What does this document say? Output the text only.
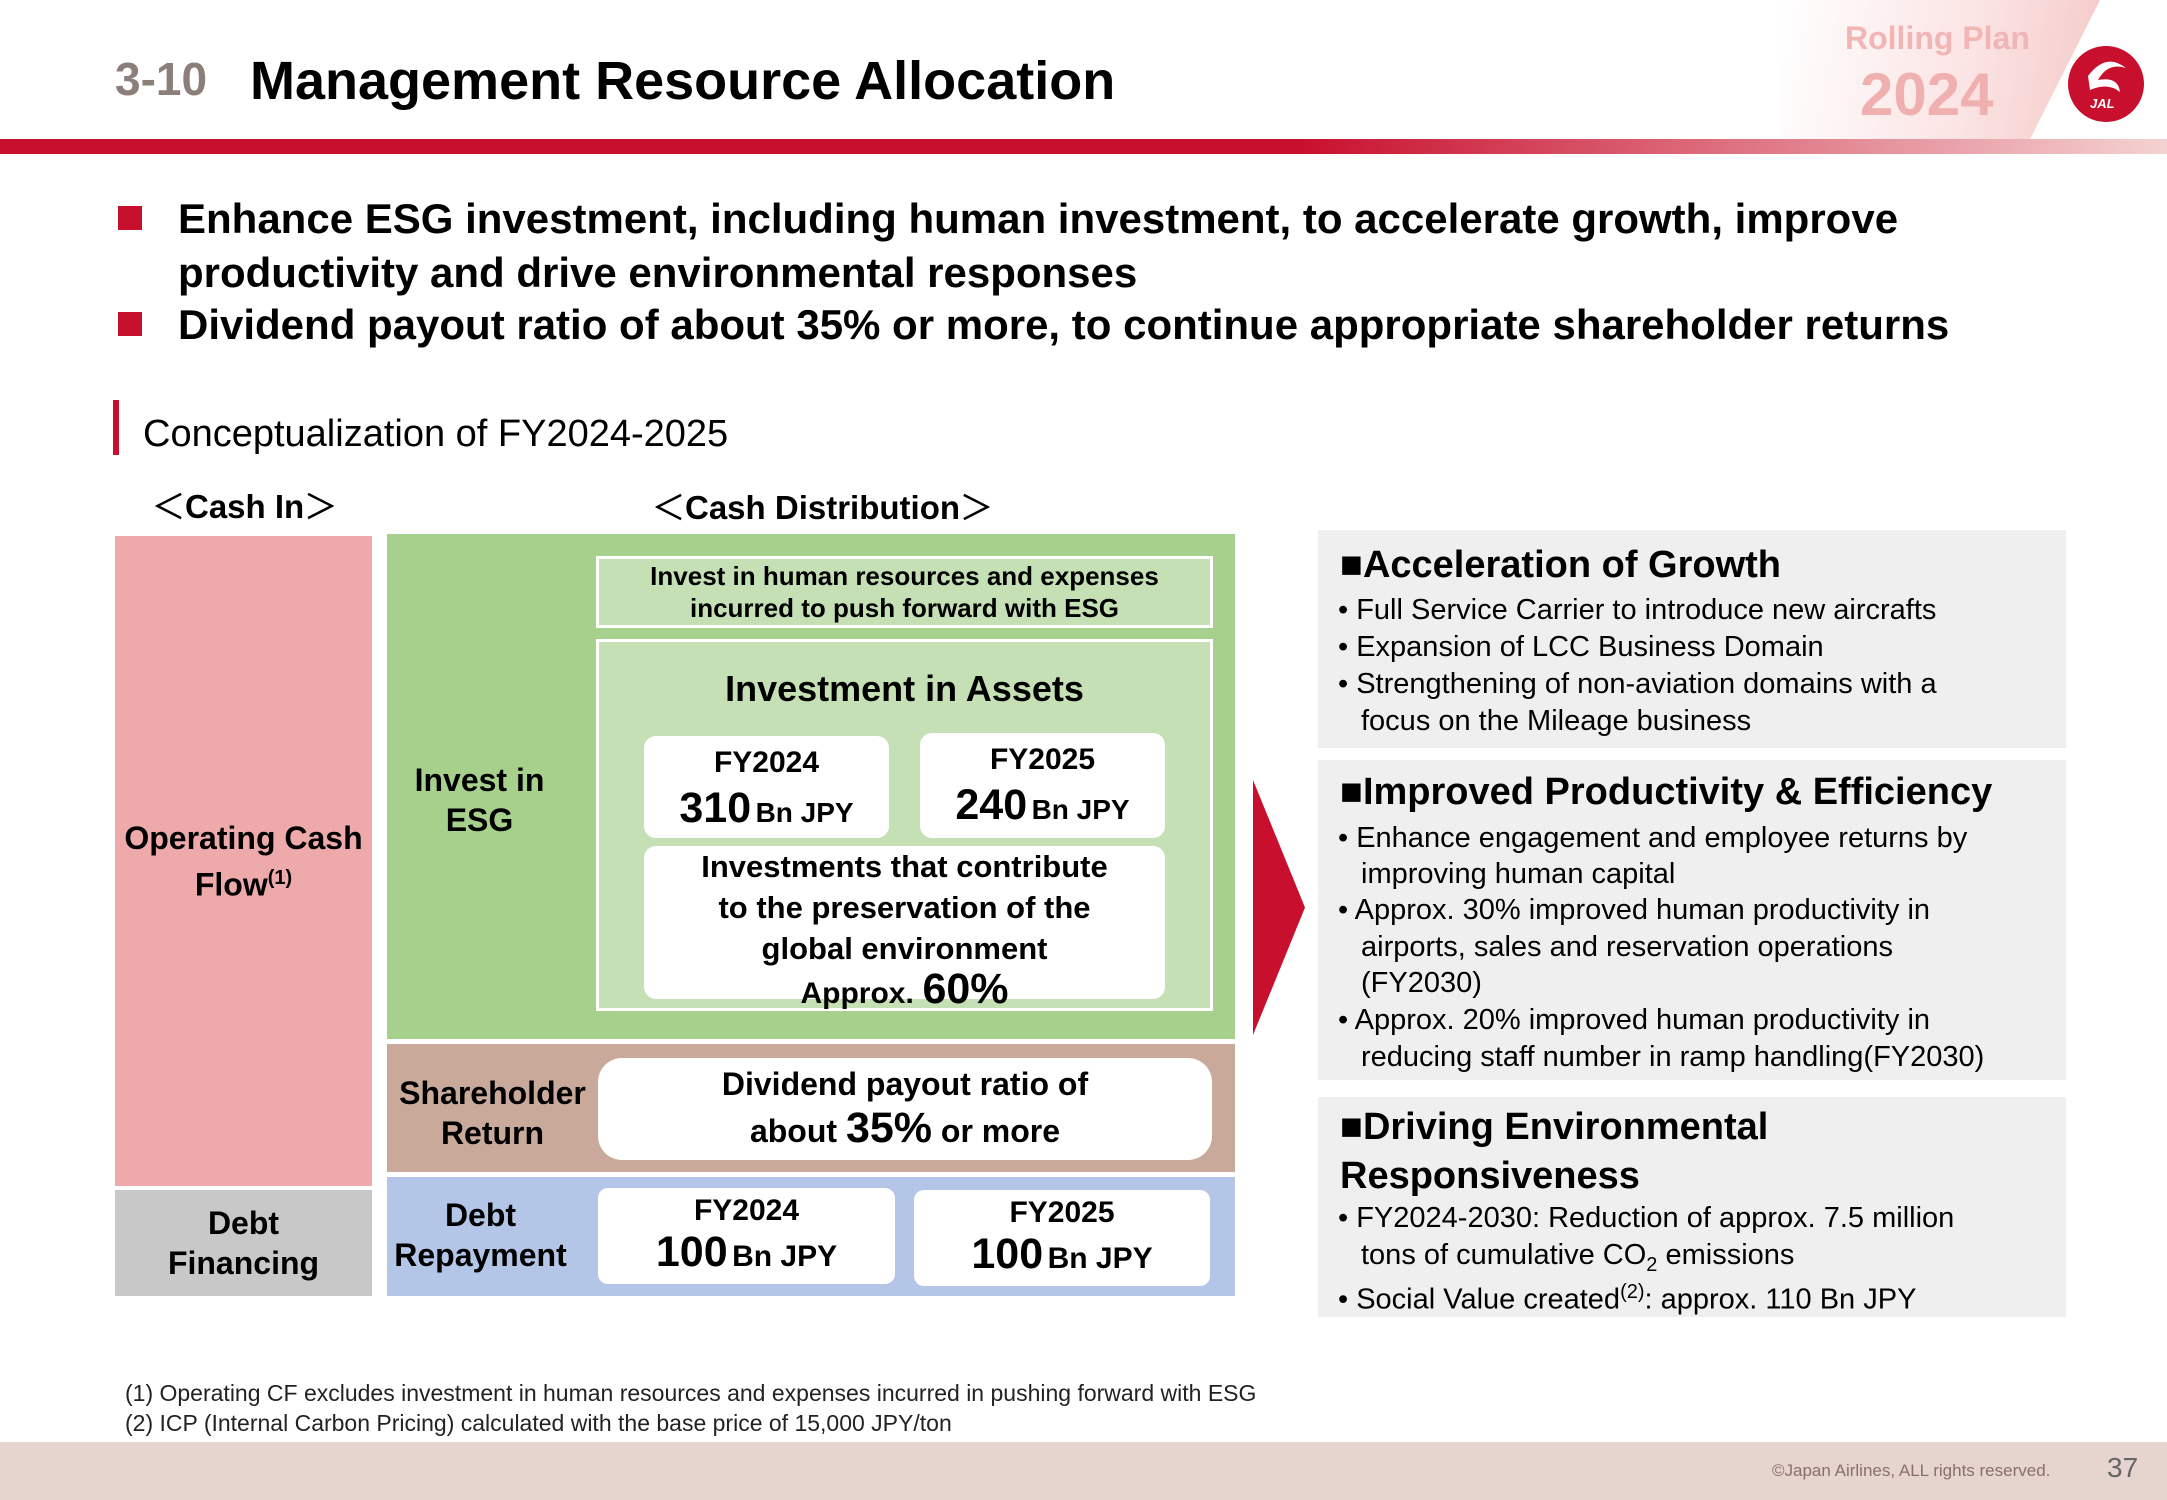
3-10 Management Resource Allocation
Rolling Plan
2024	JAL
Enhance ESG investment, including human investment, to accelerate growth, improve
productivity and drive environmental responses
Dividend payout ratio of about 35% or more, to continue appropriate shareholder returns
Conceptualization of FY2024-2025
＜Cash In＞	＜Cash Distribution＞
Operating Cash
Flow$^{(1)}$
Debt
Financing
Invest in
ESG
Invest in human resources and expenses
incurred to push forward with ESG
Investment in Assets
FY2024
310 Bn JPY
FY2025
240 Bn JPY
Investments that contribute
to the preservation of the
global environment
Approx. 60%
Shareholder
Return
Dividend payout ratio of
about 35% or more
Debt
Repayment
FY2024
100 Bn JPY
FY2025
100 Bn JPY
■Acceleration of Growth
• Full Service Carrier to introduce new aircrafts
• Expansion of LCC Business Domain
• Strengthening of non-aviation domains with a
focus on the Mileage business
■Improved Productivity & Efficiency
• Enhance engagement and employee returns by
improving human capital
• Approx. 30% improved human productivity in
airports, sales and reservation operations
(FY2030)
• Approx. 20% improved human productivity in
reducing staff number in ramp handling(FY2030)
■Driving Environmental
Responsiveness
• FY2024-2030: Reduction of approx. 7.5 million
tons of cumulative $CO_2$ emissions
• Social Value created$^{(2)}$: approx. 110 Bn JPY
(1) Operating CF excludes investment in human resources and expenses incurred in pushing forward with ESG
(2) ICP (Internal Carbon Pricing) calculated with the base price of 15,000 JPY/ton
©Japan Airlines, ALL rights reserved. 37
